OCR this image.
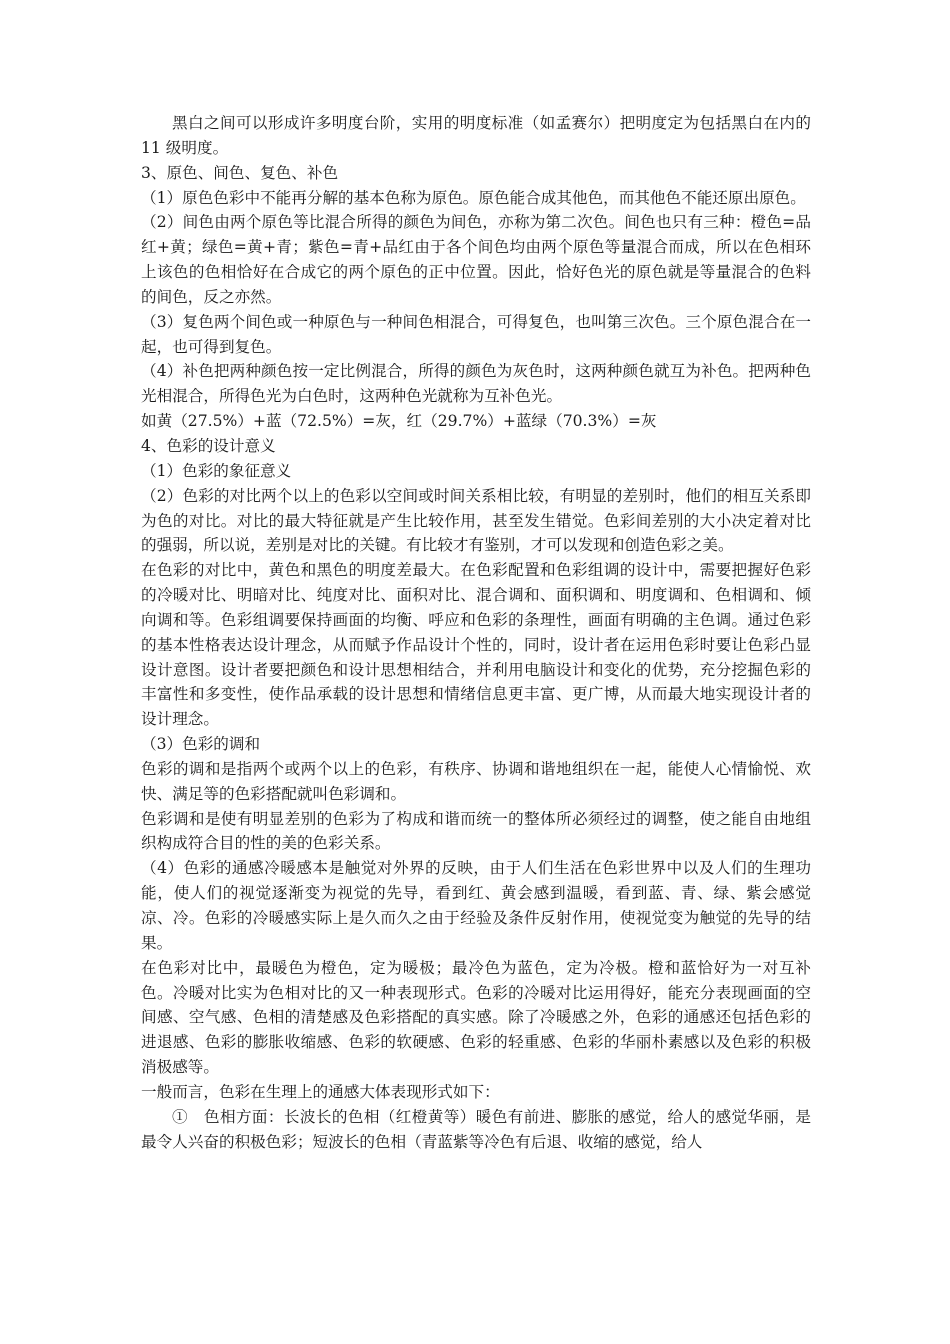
黑白之间可以形成许多明度台阶，实用的明度标准（如孟赛尔）把明度定为包括黑白在内的 11 级明度。

3、原色、间色、复色、补色

（1）原色色彩中不能再分解的基本色称为原色。原色能合成其他色，而其他色不能还原出原色。

（2）间色由两个原色等比混合所得的颜色为间色，亦称为第二次色。间色也只有三种：橙色=品红+黄；绿色=黄+青；紫色=青+品红由于各个间色均由两个原色等量混合而成，所以在色相环上该色的色相恰好在合成它的两个原色的正中位置。因此，恰好色光的原色就是等量混合的色料的间色，反之亦然。

（3）复色两个间色或一种原色与一种间色相混合，可得复色，也叫第三次色。三个原色混合在一起，也可得到复色。

（4）补色把两种颜色按一定比例混合，所得的颜色为灰色时，这两种颜色就互为补色。把两种色光相混合，所得色光为白色时，这两种色光就称为互补色光。

如黄（27.5%）+蓝（72.5%）=灰，红（29.7%）+蓝绿（70.3%）=灰

4、色彩的设计意义

（1）色彩的象征意义

（2）色彩的对比两个以上的色彩以空间或时间关系相比较，有明显的差别时，他们的相互关系即为色的对比。对比的最大特征就是产生比较作用，甚至发生错觉。色彩间差别的大小决定着对比的强弱，所以说，差别是对比的关键。有比较才有鉴别，才可以发现和创造色彩之美。

在色彩的对比中，黄色和黑色的明度差最大。在色彩配置和色彩组调的设计中，需要把握好色彩的冷暖对比、明暗对比、纯度对比、面积对比、混合调和、面积调和、明度调和、色相调和、倾向调和等。色彩组调要保持画面的均衡、呼应和色彩的条理性，画面有明确的主色调。通过色彩的基本性格表达设计理念，从而赋予作品设计个性的，同时，设计者在运用色彩时要让色彩凸显设计意图。设计者要把颜色和设计思想相结合，并利用电脑设计和变化的优势，充分挖掘色彩的丰富性和多变性，使作品承载的设计思想和情绪信息更丰富、更广博，从而最大地实现设计者的设计理念。

（3）色彩的调和

色彩的调和是指两个或两个以上的色彩，有秩序、协调和谐地组织在一起，能使人心情愉悦、欢快、满足等的色彩搭配就叫色彩调和。

色彩调和是使有明显差别的色彩为了构成和谐而统一的整体所必须经过的调整，使之能自由地组织构成符合目的性的美的色彩关系。

（4）色彩的通感冷暖感本是触觉对外界的反映，由于人们生活在色彩世界中以及人们的生理功能，使人们的视觉逐渐变为视觉的先导，看到红、黄会感到温暖，看到蓝、青、绿、紫会感觉凉、冷。色彩的冷暖感实际上是久而久之由于经验及条件反射作用，使视觉变为触觉的先导的结果。

在色彩对比中，最暖色为橙色，定为暖极；最冷色为蓝色，定为冷极。橙和蓝恰好为一对互补色。冷暖对比实为色相对比的又一种表现形式。色彩的冷暖对比运用得好，能充分表现画面的空间感、空气感、色相的清楚感及色彩搭配的真实感。除了冷暖感之外，色彩的通感还包括色彩的进退感、色彩的膨胀收缩感、色彩的软硬感、色彩的轻重感、色彩的华丽朴素感以及色彩的积极消极感等。

一般而言，色彩在生理上的通感大体表现形式如下：

①　色相方面：长波长的色相（红橙黄等）暖色有前进、膨胀的感觉，给人的感觉华丽，是最令人兴奋的积极色彩；短波长的色相（青蓝紫等冷色有后退、收缩的感觉，给人
